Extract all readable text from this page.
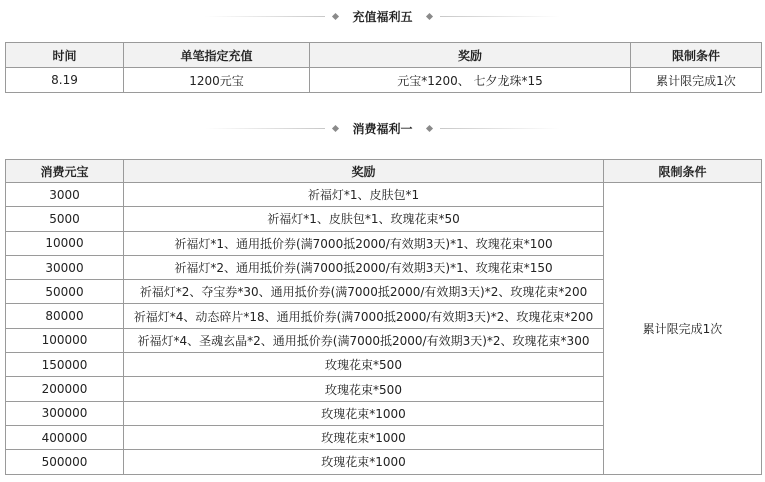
充值福利五
时间	单笔指定充值	奖励	限制条件
8.19	1200元宝	元宝*1200、 七夕龙珠*15	累计限完成1次
消费福利一
消费元宝	奖励	限制条件
3000	祈福灯*1、皮肤包*1	累计限完成1次
5000	祈福灯*1、皮肤包*1、玫瑰花束*50	
10000	祈福灯*1、通用抵价券(满7000抵2000/有效期3天)*1、玫瑰花束*100	
30000	祈福灯*2、通用抵价券(满7000抵2000/有效期3天)*1、玫瑰花束*150	
50000	祈福灯*2、夺宝券*30、通用抵价券(满7000抵2000/有效期3天)*2、玫瑰花束*200	
80000	祈福灯*4、动态碎片*18、通用抵价券(满7000抵2000/有效期3天)*2、玫瑰花束*200	
100000	祈福灯*4、圣魂玄晶*2、通用抵价券(满7000抵2000/有效期3天)*2、玫瑰花束*300	
150000	玫瑰花束*500	
200000	玫瑰花束*500	
300000	玫瑰花束*1000	
400000	玫瑰花束*1000	
500000	玫瑰花束*1000	
